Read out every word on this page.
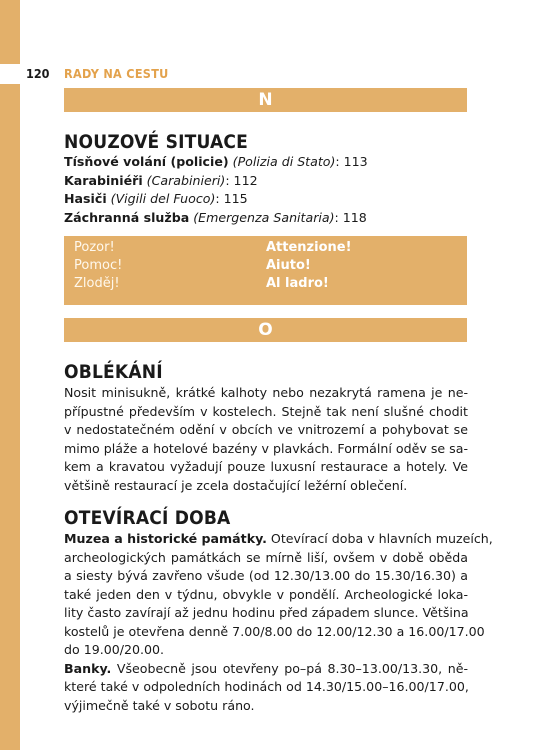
120 RADY NA CESTU
N
NOUZOVÉ SITUACE
Tísňové volání (policie) (Polizia di Stato): 113
Karabiniéři (Carabinieri): 112
Hasiči (Vigili del Fuoco): 115
Záchranná služba (Emergenza Sanitaria): 118
Pozor!	Attenzione!
Pomoc!	Aiuto!
Zloděj!	Al ladro!
O
OBLÉKÁNÍ
Nosit minisukně, krátké kalhoty nebo nezakrytá ramena je ne-
přípustné především v kostelech. Stejně tak není slušné chodit
v nedostatečném odění v obcích ve vnitrozemí a pohybovat se
mimo pláže a hotelové bazény v plavkách. Formální oděv se sa-
kem a kravatou vyžadují pouze luxusní restaurace a hotely. Ve
většině restaurací je zcela dostačující ležérní oblečení.
OTEVÍRACÍ DOBA
Muzea a historické památky. Otevírací doba v hlavních muzeích,
archeologických památkách se mírně liší, ovšem v době oběda
a siesty bývá zavřeno všude (od 12.30/13.00 do 15.30/16.30) a
také jeden den v týdnu, obvykle v pondělí. Archeologické loka-
lity často zavírají až jednu hodinu před západem slunce. Většina
kostelů je otevřena denně 7.00/8.00 do 12.00/12.30 a 16.00/17.00
do 19.00/20.00.
Banky. Všeobecně jsou otevřeny po–pá 8.30–13.00/13.30, ně-
které také v odpoledních hodinách od 14.30/15.00–16.00/17.00,
výjimečně také v sobotu ráno.
